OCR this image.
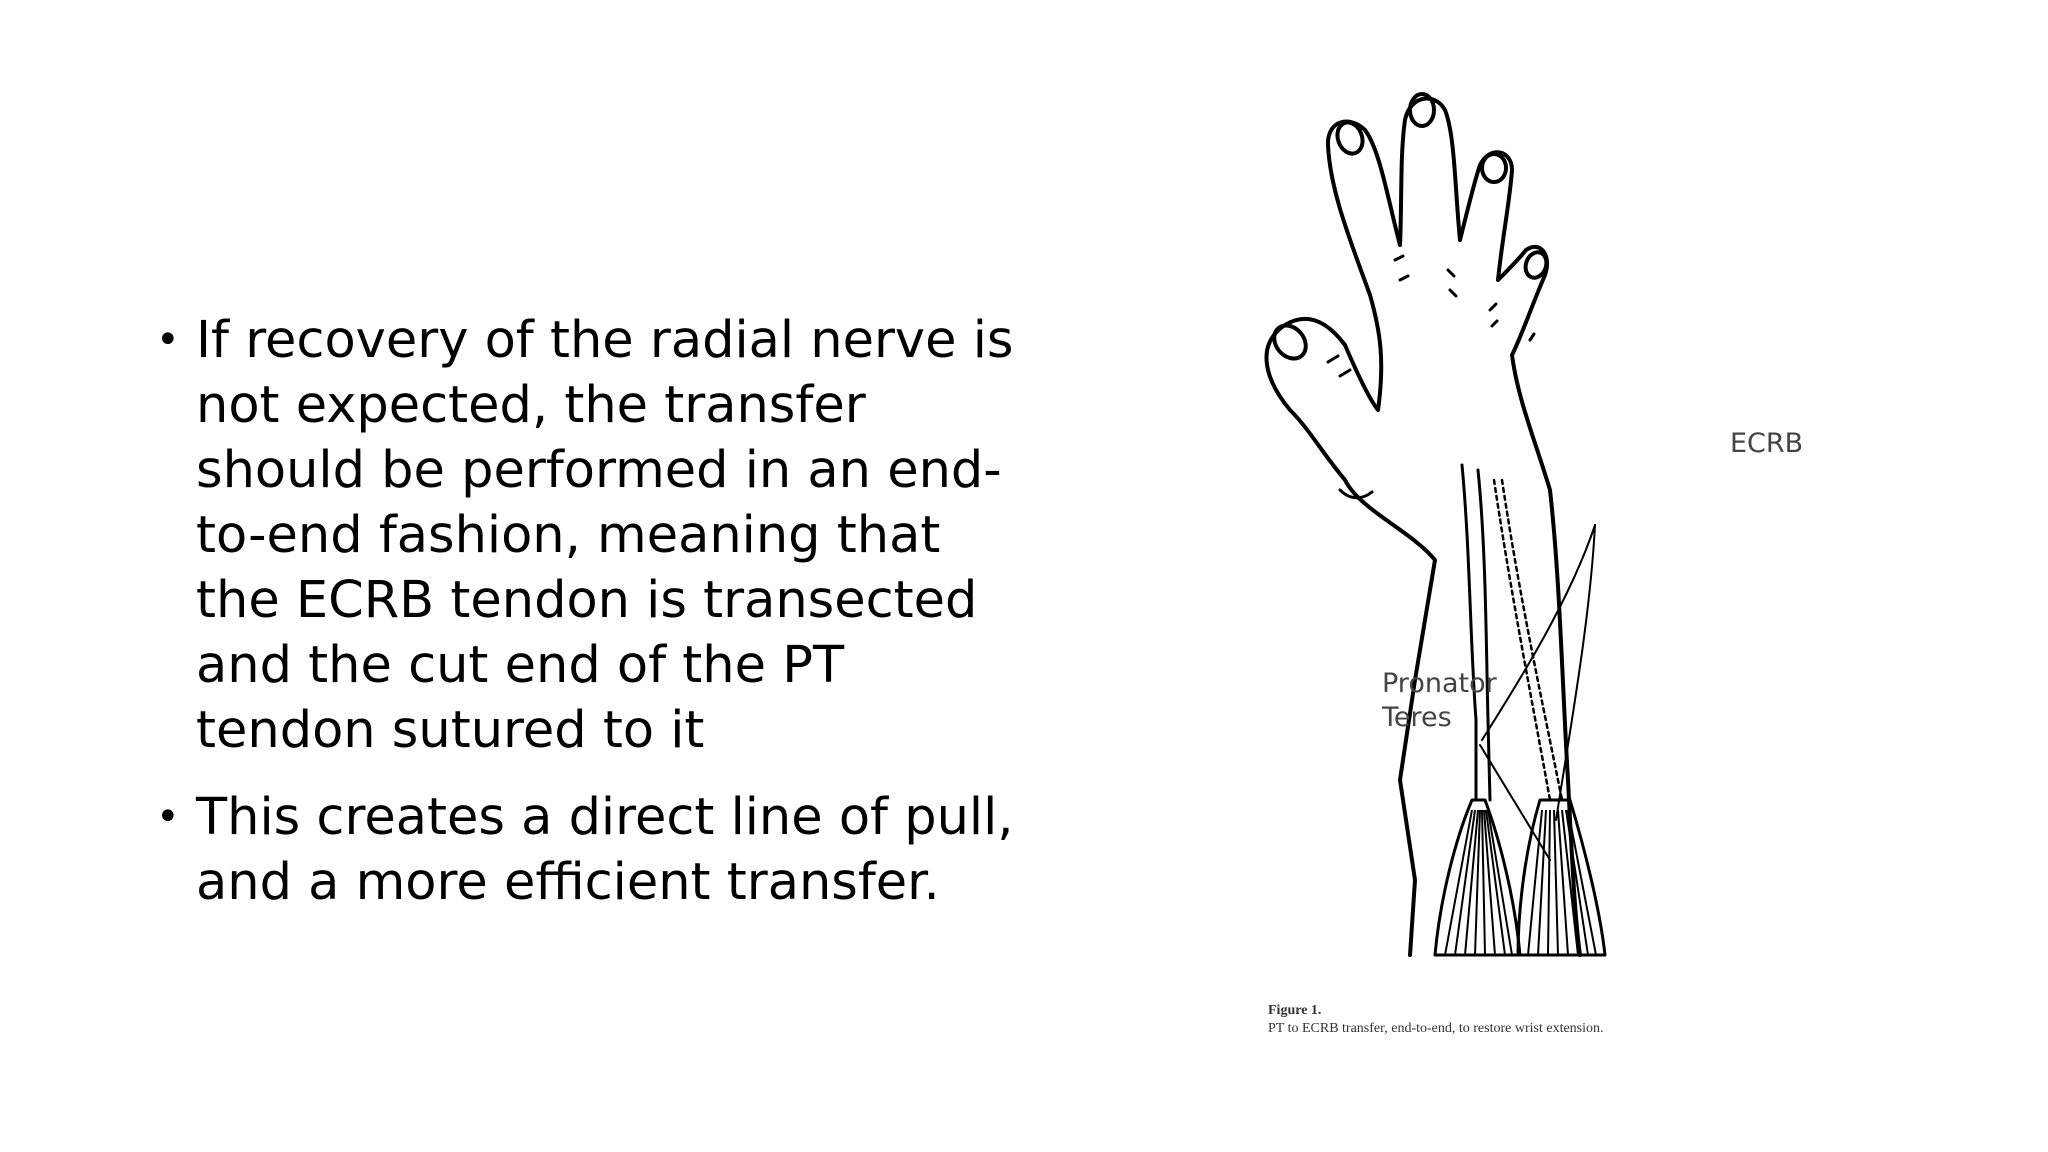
• If recovery of the radial nerve is not expected, the transfer should be performed in an end-to-end fashion, meaning that the ECRB tendon is transected and the cut end of the PT tendon sutured to it
• This creates a direct line of pull, and a more efficient transfer.
ECRB
Pronator
Teres
Figure 1.
PT to ECRB transfer, end-to-end, to restore wrist extension.
